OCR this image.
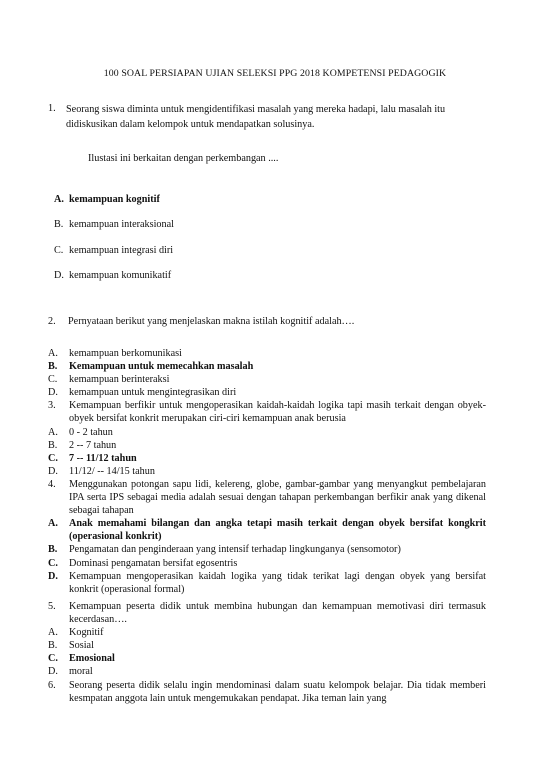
100 SOAL PERSIAPAN UJIAN SELEKSI PPG 2018 KOMPETENSI PEDAGOGIK
1.	Seorang siswa diminta untuk mengidentifikasi masalah yang mereka hadapi, lalu masalah itu didiskusikan dalam kelompok untuk mendapatkan solusinya.
Ilustasi ini berkaitan dengan perkembangan ....
A. kemampuan kognitif
B. kemampuan interaksional
C. kemampuan integrasi diri
D. kemampuan komunikatif
2.	Pernyataan berikut yang menjelaskan makna istilah kognitif adalah….
A.	kemampuan berkomunikasi
B.	Kemampuan untuk memecahkan masalah
C.	kemampuan berinteraksi
D.	kemampuan untuk mengintegrasikan diri
3.	Kemampuan berfikir untuk mengoperasikan kaidah-kaidah logika tapi masih terkait dengan obyek-obyek bersifat konkrit merupakan ciri-ciri kemampuan anak berusia
A.	0 - 2 tahun
B.	2 -- 7 tahun
C.	7 -- 11/12 tahun
D.	11/12/ -- 14/15 tahun
4.	Menggunakan potongan sapu lidi, kelereng, globe, gambar-gambar yang menyangkut pembelajaran IPA serta IPS sebagai media adalah sesuai dengan tahapan perkembangan berfikir anak yang dikenal sebagai tahapan
A.	Anak memahami bilangan dan angka tetapi masih terkait dengan obyek bersifat kongkrit (operasional konkrit)
B.	Pengamatan dan penginderaan yang intensif terhadap lingkunganya (sensomotor)
C.	Dominasi pengamatan bersifat egosentris
D.	Kemampuan mengoperasikan kaidah logika yang tidak terikat lagi dengan obyek yang bersifat konkrit (operasional formal)
5.	Kemampuan peserta didik untuk membina hubungan dan kemampuan memotivasi diri termasuk kecerdasan….
A.	Kognitif
B.	Sosial
C.	Emosional
D.	moral
6.	Seorang peserta didik selalu ingin mendominasi dalam suatu kelompok belajar. Dia tidak memberi kesmpatan anggota lain untuk mengemukakan pendapat. Jika teman lain yang
